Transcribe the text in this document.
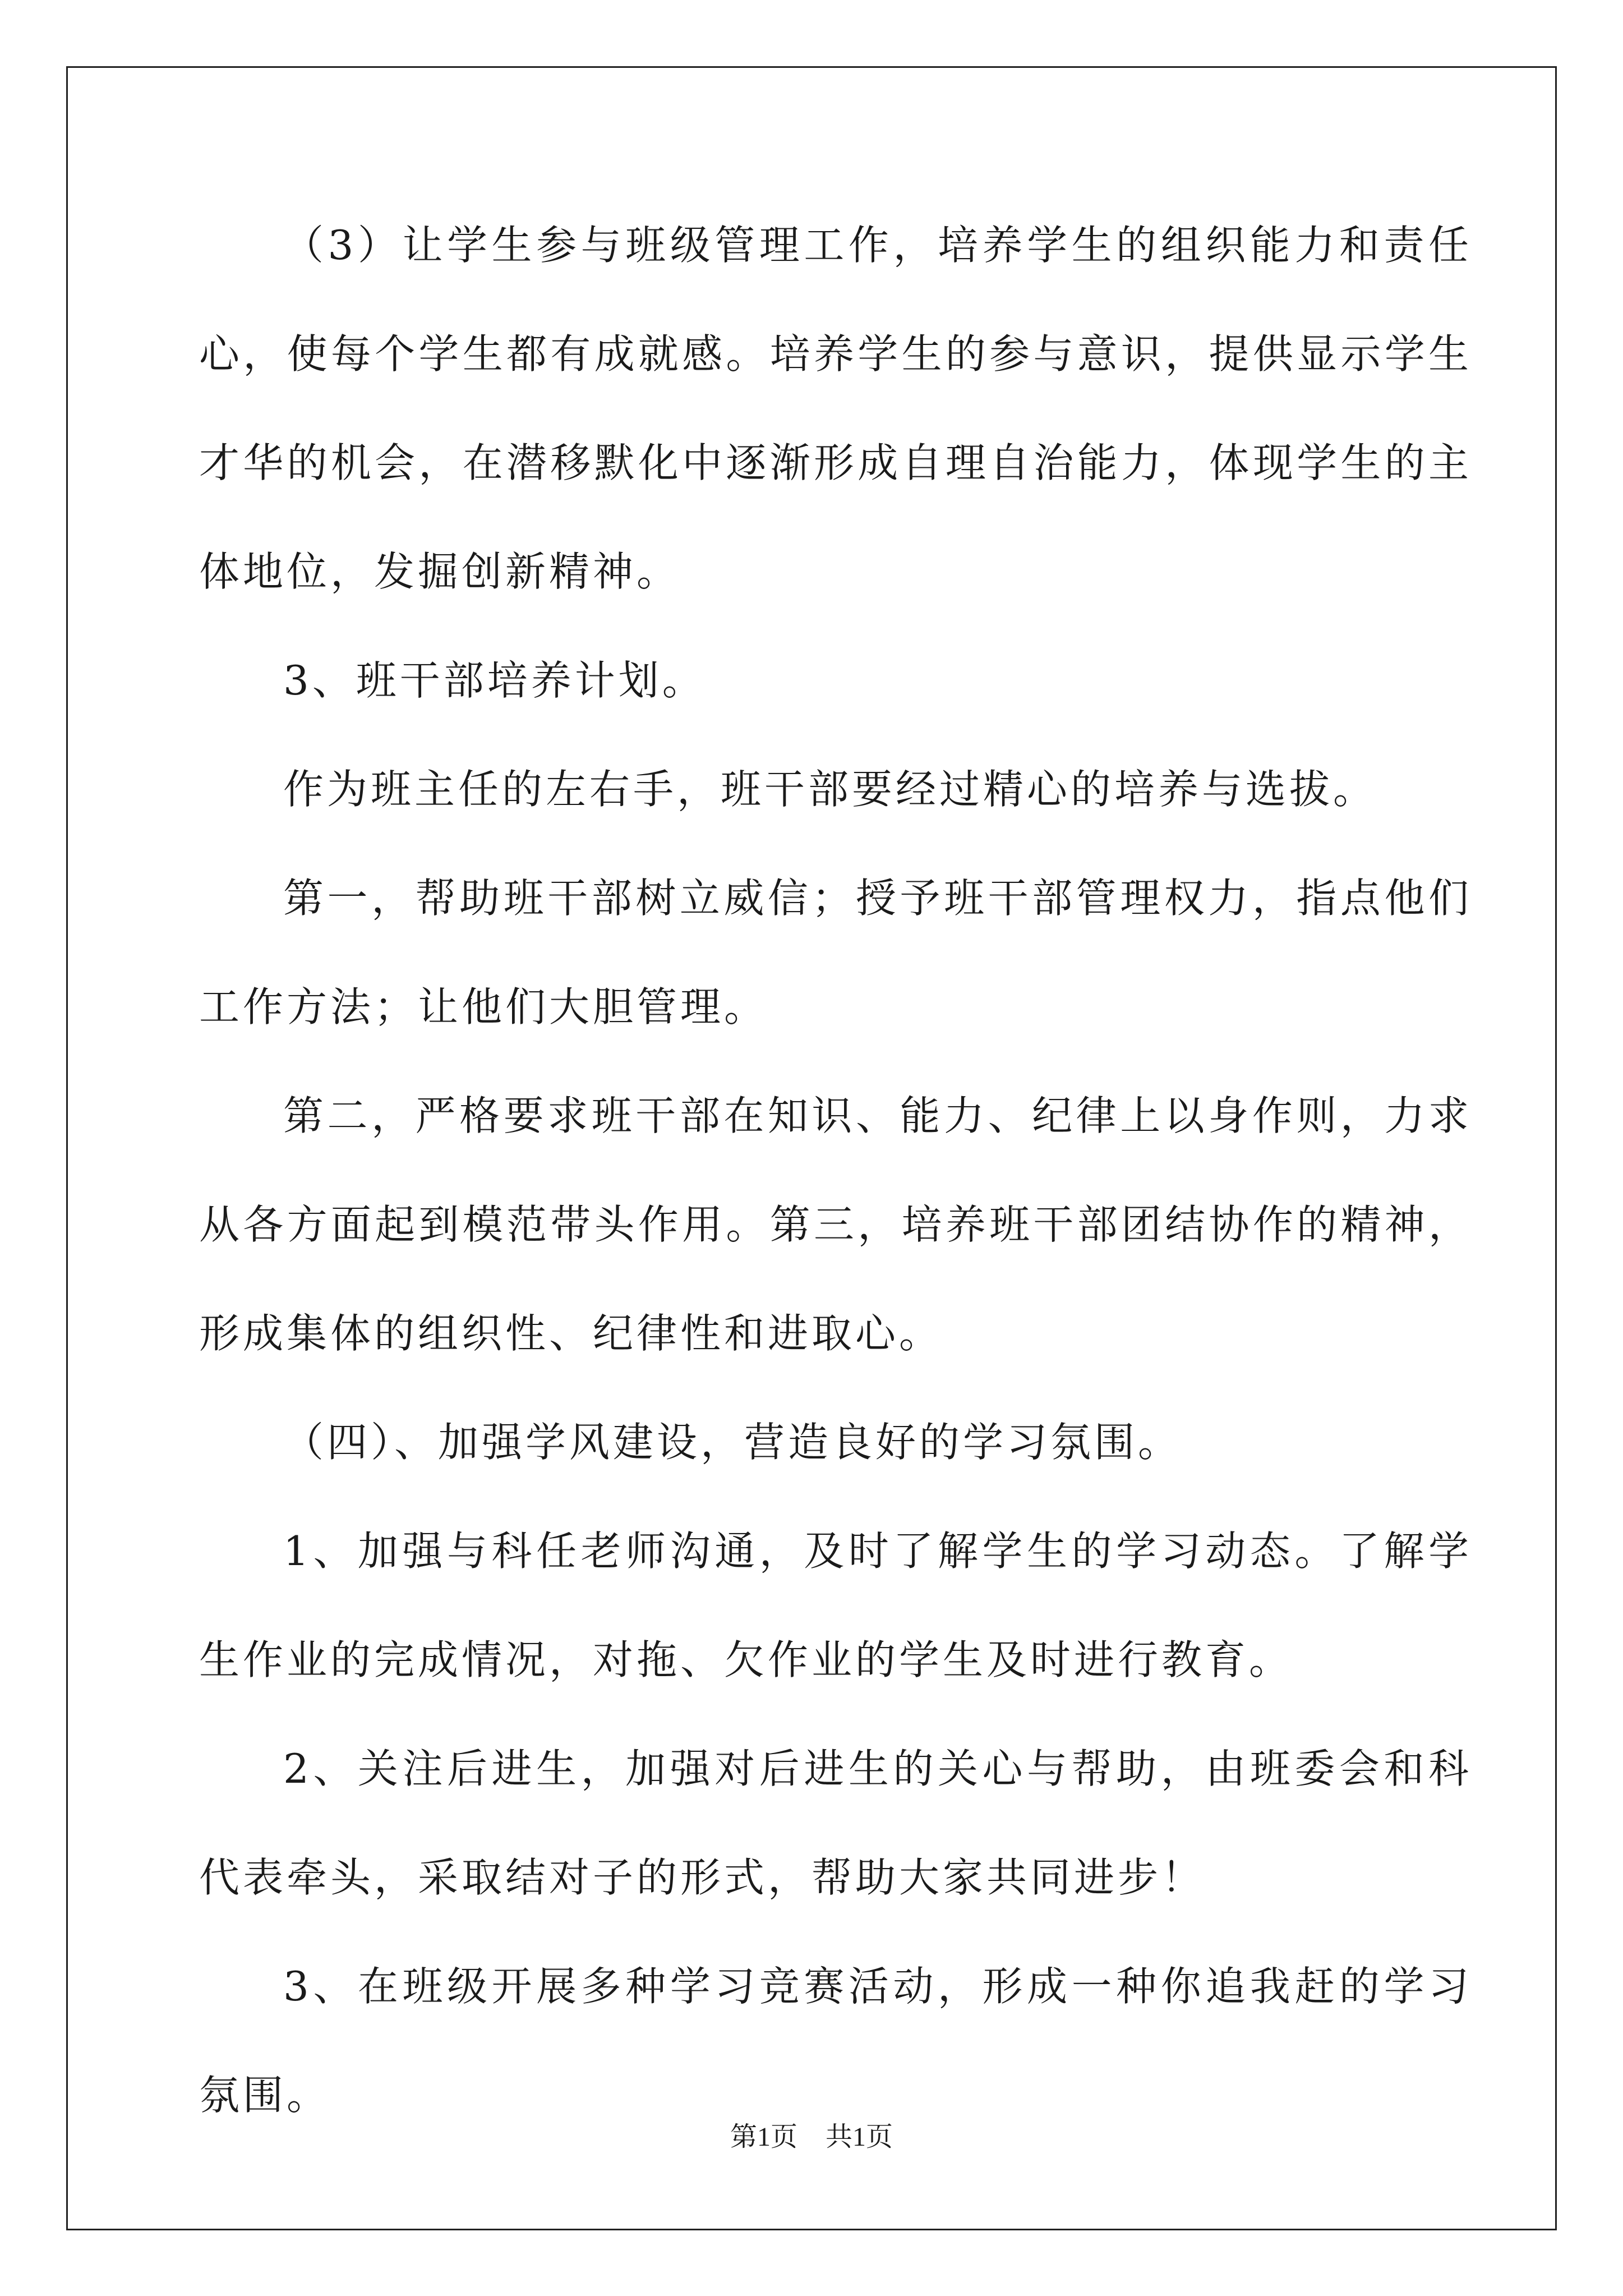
（3）让学生参与班级管理工作，培养学生的组织能力和责任心，使每个学生都有成就感。培养学生的参与意识，提供显示学生才华的机会，在潜移默化中逐渐形成自理自治能力，体现学生的主体地位，发掘创新精神。

3、班干部培养计划。

作为班主任的左右手，班干部要经过精心的培养与选拔。

第一，帮助班干部树立威信；授予班干部管理权力，指点他们工作方法；让他们大胆管理。

第二，严格要求班干部在知识、能力、纪律上以身作则，力求从各方面起到模范带头作用。第三，培养班干部团结协作的精神，形成集体的组织性、纪律性和进取心。

（四）、加强学风建设，营造良好的学习氛围。

1、加强与科任老师沟通，及时了解学生的学习动态。了解学生作业的完成情况，对拖、欠作业的学生及时进行教育。

2、关注后进生，加强对后进生的关心与帮助，由班委会和科代表牵头，采取结对子的形式，帮助大家共同进步！

3、在班级开展多种学习竞赛活动，形成一种你追我赶的学习氛围。

第1页 共1页
